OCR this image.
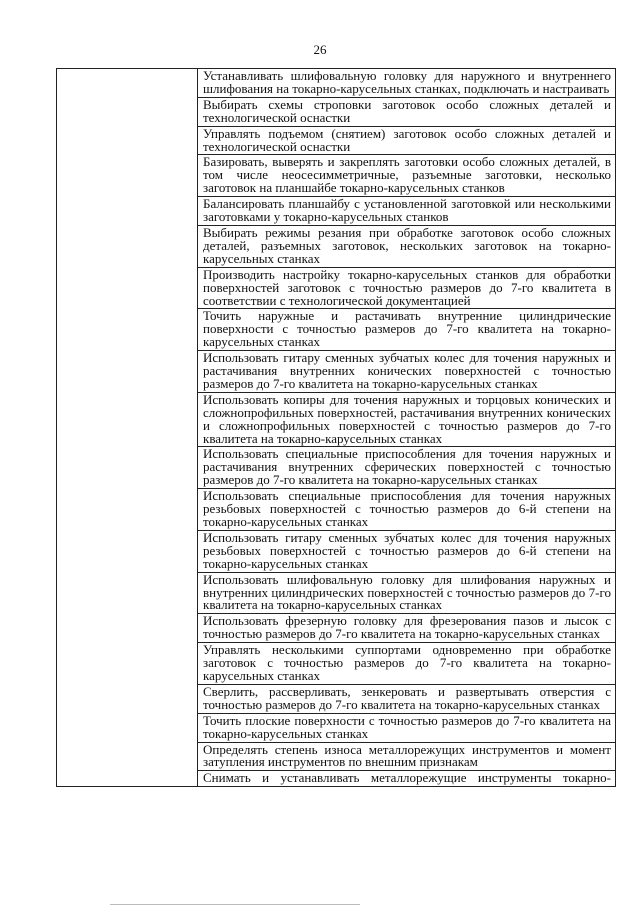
26

Устанавливать шлифовальную головку для наружного и внутреннего шлифования на токарно-карусельных станках, подключать и настраивать
Выбирать схемы строповки заготовок особо сложных деталей и технологической оснастки
Управлять подъемом (снятием) заготовок особо сложных деталей и технологической оснастки
Базировать, выверять и закреплять заготовки особо сложных деталей, в том числе неосесимметричные, разъемные заготовки, несколько заготовок на планшайбе токарно-карусельных станков
Балансировать планшайбу с установленной заготовкой или несколькими заготовками у токарно-карусельных станков
Выбирать режимы резания при обработке заготовок особо сложных деталей, разъемных заготовок, нескольких заготовок на токарно-карусельных станках
Производить настройку токарно-карусельных станков для обработки поверхностей заготовок с точностью размеров до 7-го квалитета в соответствии с технологической документацией
Точить наружные и растачивать внутренние цилиндрические поверхности с точностью размеров до 7-го квалитета на токарно-карусельных станках
Использовать гитару сменных зубчатых колес для точения наружных и растачивания внутренних конических поверхностей с точностью размеров до 7-го квалитета на токарно-карусельных станках
Использовать копиры для точения наружных и торцовых конических и сложнопрофильных поверхностей, растачивания внутренних конических и сложнопрофильных поверхностей с точностью размеров до 7-го квалитета на токарно-карусельных станках
Использовать специальные приспособления для точения наружных и растачивания внутренних сферических поверхностей с точностью размеров до 7-го квалитета на токарно-карусельных станках
Использовать специальные приспособления для точения наружных резьбовых поверхностей с точностью размеров до 6-й степени на токарно-карусельных станках
Использовать гитару сменных зубчатых колес для точения наружных резьбовых поверхностей с точностью размеров до 6-й степени на токарно-карусельных станках
Использовать шлифовальную головку для шлифования наружных и внутренних цилиндрических поверхностей с точностью размеров до 7-го квалитета на токарно-карусельных станках
Использовать фрезерную головку для фрезерования пазов и лысок с точностью размеров до 7-го квалитета на токарно-карусельных станках
Управлять несколькими суппортами одновременно при обработке заготовок с точностью размеров до 7-го квалитета на токарно-карусельных станках
Сверлить, рассверливать, зенкеровать и развертывать отверстия с точностью размеров до 7-го квалитета на токарно-карусельных станках
Точить плоские поверхности с точностью размеров до 7-го квалитета на токарно-карусельных станках
Определять степень износа металлорежущих инструментов и момент затупления инструментов по внешним признакам
Снимать и устанавливать металлорежущие инструменты токарно-
